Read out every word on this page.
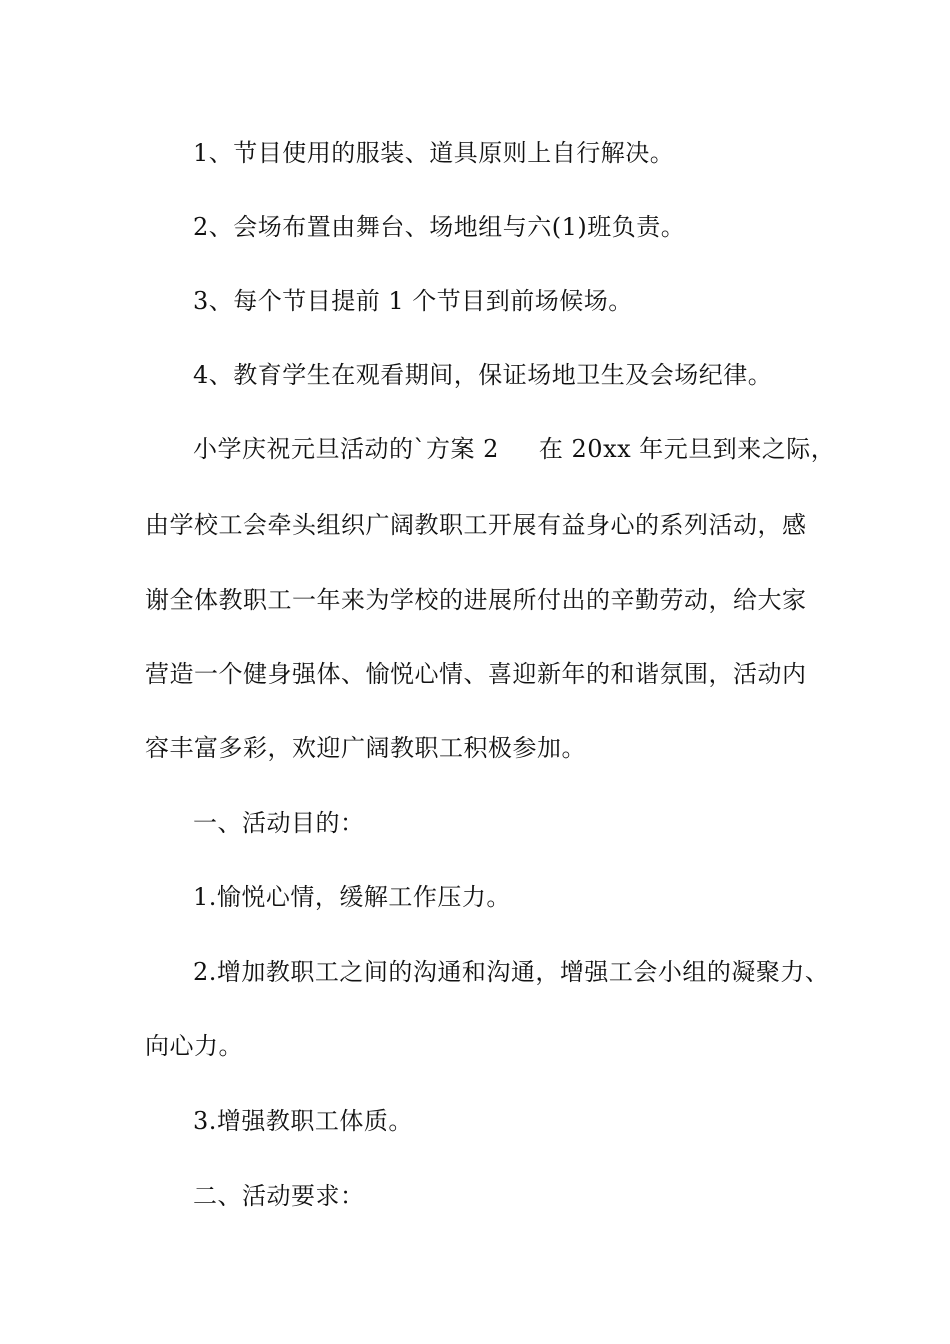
1、节目使用的服装、道具原则上自行解决。
2、会场布置由舞台、场地组与六(1)班负责。
3、每个节目提前 1 个节目到前场候场。
4、教育学生在观看期间，保证场地卫生及会场纪律。
小学庆祝元旦活动的`方案 2 在 20xx 年元旦到来之际，
由学校工会牵头组织广阔教职工开展有益身心的系列活动，感
谢全体教职工一年来为学校的进展所付出的辛勤劳动，给大家
营造一个健身强体、愉悦心情、喜迎新年的和谐氛围，活动内
容丰富多彩，欢迎广阔教职工积极参加。
一、活动目的：
1.愉悦心情，缓解工作压力。
2.增加教职工之间的沟通和沟通，增强工会小组的凝聚力、
向心力。
3.增强教职工体质。
二、活动要求：
